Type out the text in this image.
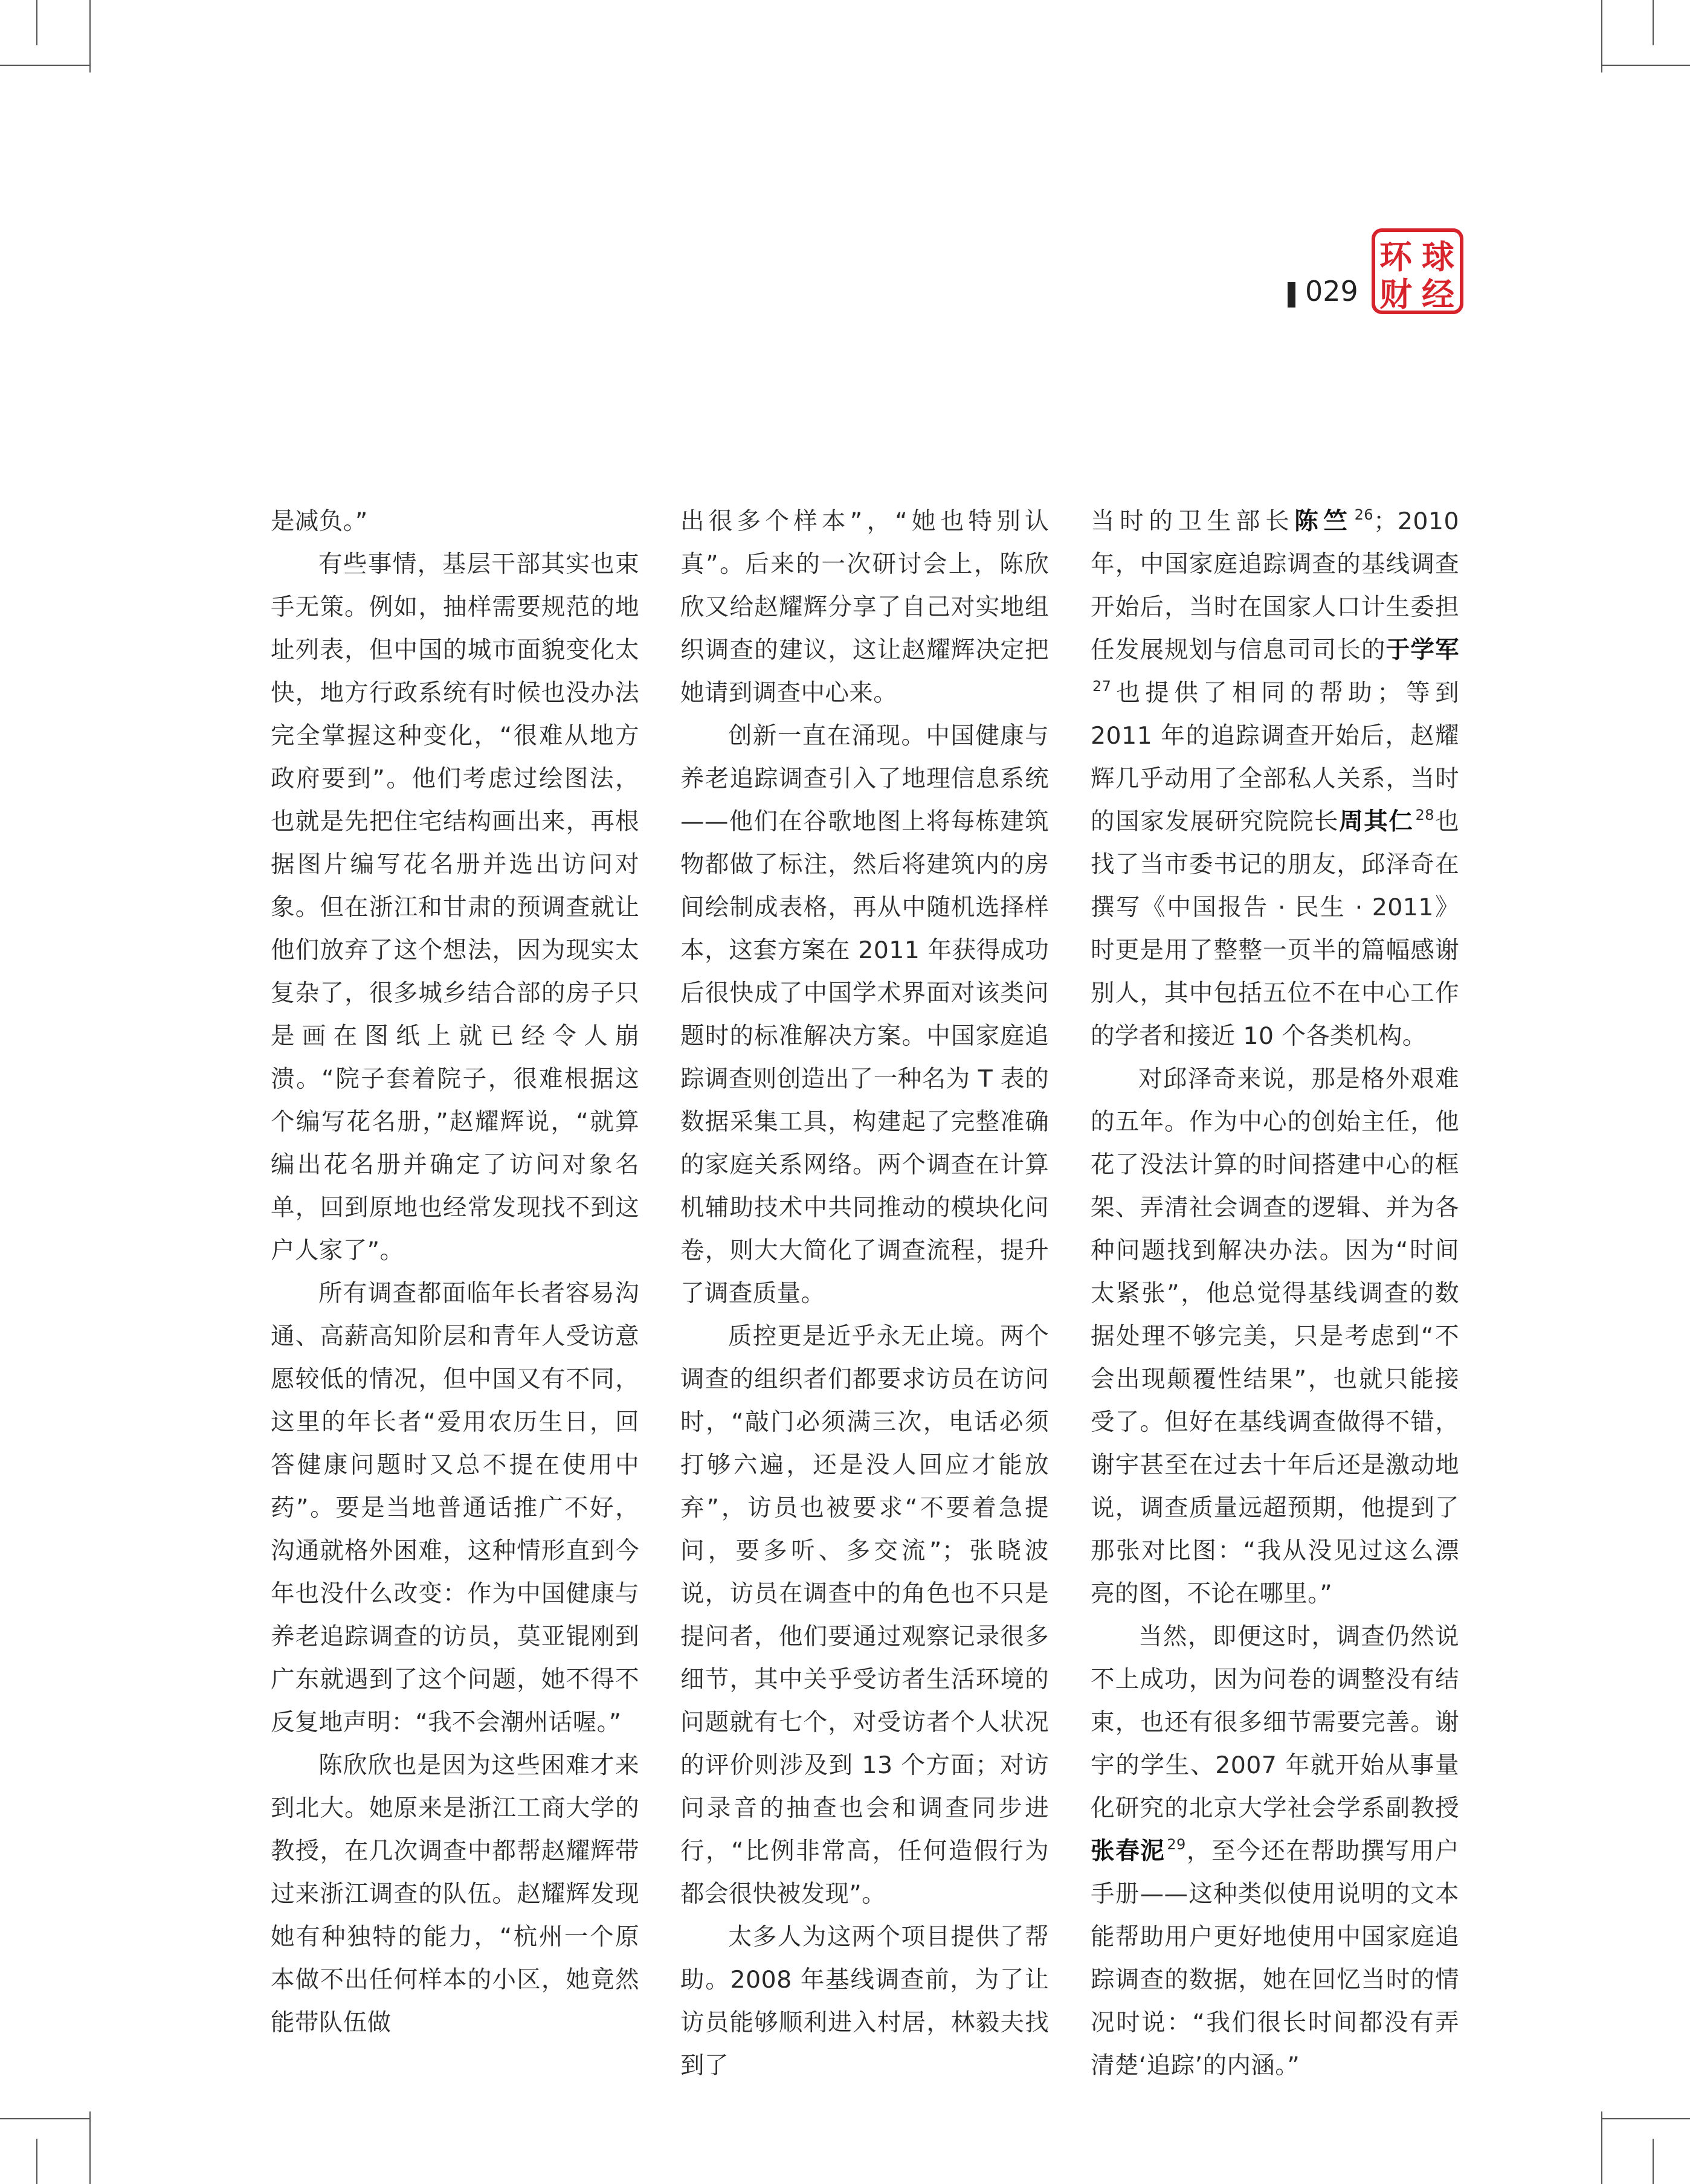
029
环 球
财 经

是减负。”

有些事情，基层干部其实也束手无策。例如，抽样需要规范的地址列表，但中国的城市面貌变化太快，地方行政系统有时候也没办法完全掌握这种变化，“很难从地方政府要到”。他们考虑过绘图法，也就是先把住宅结构画出来，再根据图片编写花名册并选出访问对象。但在浙江和甘肃的预调查就让他们放弃了这个想法，因为现实太复杂了，很多城乡结合部的房子只是画在图纸上就已经令人崩溃。“院子套着院子，很难根据这个编写花名册，”赵耀辉说，“就算编出花名册并确定了访问对象名单，回到原地也经常发现找不到这户人家了”。

所有调查都面临年长者容易沟通、高薪高知阶层和青年人受访意愿较低的情况，但中国又有不同，这里的年长者“爱用农历生日，回答健康问题时又总不提在使用中药”。要是当地普通话推广不好，沟通就格外困难，这种情形直到今年也没什么改变：作为中国健康与养老追踪调查的访员，莫亚锟刚到广东就遇到了这个问题，她不得不反复地声明：“我不会潮州话喔。”

陈欣欣也是因为这些困难才来到北大。她原来是浙江工商大学的教授，在几次调查中都帮赵耀辉带过来浙江调查的队伍。赵耀辉发现她有种独特的能力，“杭州一个原本做不出任何样本的小区，她竟然能带队伍做

出很多个样本”，“她也特别认真”。后来的一次研讨会上，陈欣欣又给赵耀辉分享了自己对实地组织调查的建议，这让赵耀辉决定把她请到调查中心来。

创新一直在涌现。中国健康与养老追踪调查引入了地理信息系统——他们在谷歌地图上将每栋建筑物都做了标注，然后将建筑内的房间绘制成表格，再从中随机选择样本，这套方案在 2011 年获得成功后很快成了中国学术界面对该类问题时的标准解决方案。中国家庭追踪调查则创造出了一种名为 T 表的数据采集工具，构建起了完整准确的家庭关系网络。两个调查在计算机辅助技术中共同推动的模块化问卷，则大大简化了调查流程，提升了调查质量。

质控更是近乎永无止境。两个调查的组织者们都要求访员在访问时，“敲门必须满三次，电话必须打够六遍，还是没人回应才能放弃”，访员也被要求“不要着急提问，要多听、多交流”；张晓波说，访员在调查中的角色也不只是提问者，他们要通过观察记录很多细节，其中关乎受访者生活环境的问题就有七个，对受访者个人状况的评价则涉及到 13 个方面；对访问录音的抽查也会和调查同步进行，“比例非常高，任何造假行为都会很快被发现”。

太多人为这两个项目提供了帮助。2008 年基线调查前，为了让访员能够顺利进入村居，林毅夫找到了

当时的卫生部长陈竺 $^{26}$；2010 年，中国家庭追踪调查的基线调查开始后，当时在国家人口计生委担任发展规划与信息司司长的于学军$^{27}$也提供了相同的帮助；等到 2011 年的追踪调查开始后，赵耀辉几乎动用了全部私人关系，当时的国家发展研究院院长周其仁 $^{28}$也找了当市委书记的朋友，邱泽奇在撰写《中国报告 · 民生 · 2011》时更是用了整整一页半的篇幅感谢别人，其中包括五位不在中心工作的学者和接近 10 个各类机构。

对邱泽奇来说，那是格外艰难的五年。作为中心的创始主任，他花了没法计算的时间搭建中心的框架、弄清社会调查的逻辑、并为各种问题找到解决办法。因为“时间太紧张”，他总觉得基线调查的数据处理不够完美，只是考虑到“不会出现颠覆性结果”，也就只能接受了。但好在基线调查做得不错，谢宇甚至在过去十年后还是激动地说，调查质量远超预期，他提到了那张对比图：“我从没见过这么漂亮的图，不论在哪里。”

当然，即便这时，调查仍然说不上成功，因为问卷的调整没有结束，也还有很多细节需要完善。谢宇的学生、2007 年就开始从事量化研究的北京大学社会学系副教授张春泥 $^{29}$，至今还在帮助撰写用户手册——这种类似使用说明的文本能帮助用户更好地使用中国家庭追踪调查的数据，她在回忆当时的情况时说：“我们很长时间都没有弄清楚‘追踪’的内涵。”
